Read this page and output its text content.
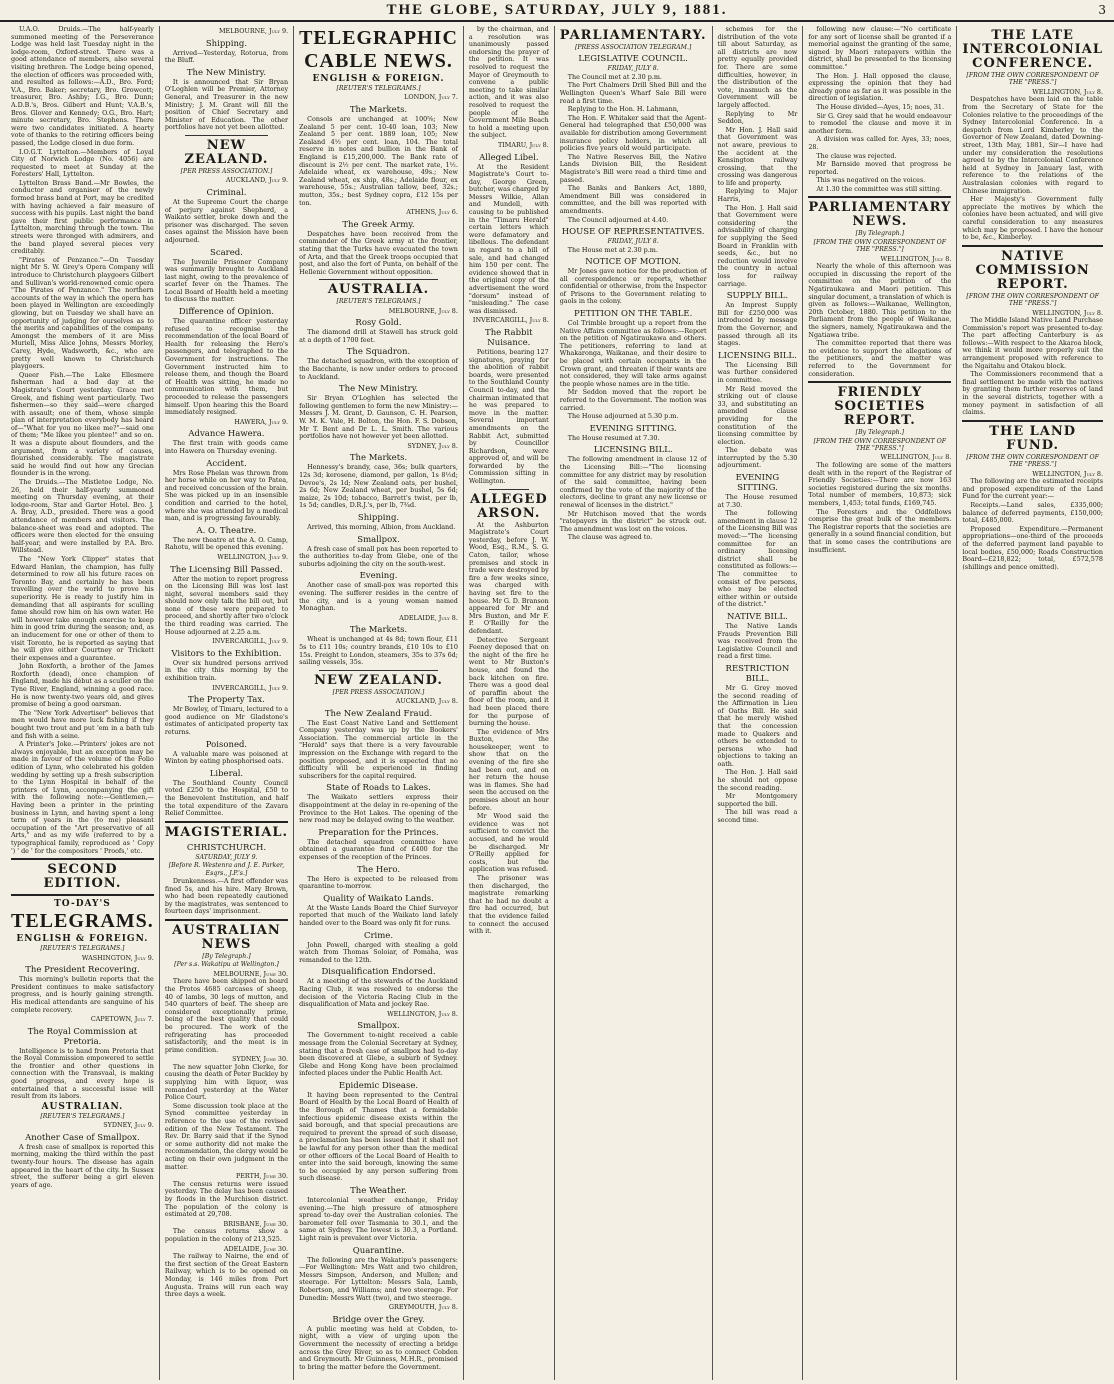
THE GLOBE, SATURDAY, JULY 9, 1881.	3

U.A.O. Druids.—The half-yearly summoned meeting of the Perseverance Lodge was held last Tuesday night in the lodge-room, Oxford-street. There was a good attendance of members, also several visiting brethren. The Lodge being opened, the election of officers was proceeded with, and resulted as follows:—A.D., Bro. Ford; V.A., Bro. Baker; secretary, Bro. Growcott; treasurer, Bro. Ashby; I.G., Bro. Dunn; A.D.B.'s, Bros. Gilbert and Hunt; V.A.B.'s, Bros. Glover and Kennedy; O.G., Bro. Hart; minute secretary, Bro. Stephens. There were two candidates initiated. A hearty vote of thanks to the retiring officers being passed, the Lodge closed in due form.

I.O.G.T. Lyttelton.—Members of Loyal City of Norwich Lodge (No. 4056) are requested to meet at Sunday at the Foresters' Hall, Lyttelton.

Lyttelton Brass Band.—Mr Bowles, the conductor and organiser of the newly formed brass band at Port, may be credited with having achieved a fair measure of success with his pupils. Last night the band gave their first public performance in Lyttelton, marching through the town. The streets were thronged with admirers, and the band played several pieces very creditably.

"Pirates of Penzance."—On Tuesday night Mr S. W. Grey's Opera Company will introduce to Christchurch playgoers Gilbert and Sullivan's world-renowned comic opera "The Pirates of Penzance." The northern accounts of the way in which the opera has been played in Wellington are exceedingly glowing, but on Tuesday we shall have an opportunity of judging for ourselves as to the merits and capabilities of the company. Amongst the members of it are Miss Muriell, Miss Alice Johns, Messrs Morley, Carey, Hyde, Wadsworth, &c., who are pretty well known to Christchurch playgoers.

Queer Fish.—The Lake Ellesmere fisherman had a bad day at the Magistrate's Court yesterday. Grace met Greek, and fishing went particularly. Two fishermen—so they said—were charged with assault; one of them, whose simple plan of interpretation everybody has heard of—"What for you no likee me?"—said one of them; "Me likee you plentee!" and so on. It was a dispute about flounders, and the argument, from a variety of causes, flourished considerably. The magistrate said he would find out how any Grecian flounder is in the wrong.

The Druids.—The Mistletoe Lodge, No. 26, held their half-yearly summoned meeting on Thursday evening, at their lodge-room, Star and Garter Hotel. Bro. J. A. Bray, A.D., presided. There was a good attendance of members and visitors. The balance-sheet was read and adopted. The officers were then elected for the ensuing half-year, and were installed by P.A. Bro. Willstead.

The "New York Clipper" states that Edward Hanlan, the champion, has fully determined to row all his future races on Toronto Bay, and certainly he has been travelling over the world to prove his superiority. He is ready to justify him in demanding that all aspirants for sculling fame should row him on his own water. He will however take enough exercise to keep him in good trim during the season; and, as an inducement for one or other of them to visit Toronto, he is reported as saying that he will give either Courtney or Trickett their expenses and a guarantee.

John Roxforth, a brother of the James Roxforth (dead), once champion of England, made his début as a sculler on the Tyne River, England, winning a good race. He is now twenty-two years old, and gives promise of being a good oarsman.

The "New York Advertiser" believes that men would have more luck fishing if they bought two trout and put 'em in a bath tub and fish with a seine.

A Printer's Joke.—Printers' jokes are not always enjoyable, but an exception may be made in favour of the volume of the Folio edition of Lynn, who celebrated his golden wedding by setting up a fresh subscription to the Lynn Hospital in behalf of the printers of Lynn, accompanying the gift with the following note:—Gentlemen,—Having been a printer in the printing business in Lynn, and having spent a long term of years in the (to me) pleasant occupation of the "Art preservative of all Arts," and as my wife (referred to by a typographical family, reproduced as ' Copy ') ' de ' for the compositors ' Proofs,' etc.

SECOND EDITION.
TO-DAY'S
TELEGRAMS.
ENGLISH & FOREIGN.
[REUTER'S TELEGRAMS.]
WASHINGTON, July 9.
The President Recovering.

This morning's bulletin reports that the President continues to make satisfactory progress, and is hourly gaining strength. His medical attendants are sanguine of his complete recovery.

CAPETOWN, July 7.
The Royal Commission at Pretoria.

Intelligence is to hand from Pretoria that the Royal Commission empowered to settle the frontier and other questions in connection with the Transvaal, is making good progress, and every hope is entertained that a successful issue will result from its labors.

AUSTRALIAN.
[REUTER'S TELEGRAMS.]
SYDNEY, July 9.
Another Case of Smallpox.

A fresh case of smallpox is reported this morning, making the third within the past twenty-four hours. The disease has again appeared in the heart of the city. In Sussex street, the sufferer being a girl eleven years of age.

MELBOURNE, July 9.
Shipping.

Arrived—Yesterday, Rotorua, from the Bluff.

The New Ministry.

It is announced that Sir Bryan O'Loghlen will be Premier, Attorney General, and Treasurer in the new Ministry; J. M. Grant will fill the position of Chief Secretary and Minister of Education. The other portfolios have not yet been allotted.

NEW ZEALAND.
[PER PRESS ASSOCIATION.]
AUCKLAND, July 9.
Criminal.

At the Supreme Court the charge of perjury against Shepherd, a Waikato settler, broke down and the prisoner was discharged. The seven cases against the Mission have been adjourned.

Scared.

The Juvenile Prisoner Company was summarily brought to Auckland last night, owing to the prevalence of scarlet fever on the Thames. The Local Board of Health held a meeting to discuss the matter.

Difference of Opinion.

The quarantine officer yesterday refused to recognise the recommendation of the local Board of Health for releasing the Hero's passengers, and telegraphed to the Government for instructions. The Government instructed him to release them, and though the Board of Health was sitting, he made no communication with them, but proceeded to release the passengers himself. Upon hearing this the Board immediately resigned.

HAWERA, July 9.
Advance Hawera.

The first train with goods came into Hawera on Thursday evening.

Accident.

Mrs Rose Phelan was thrown from her horse while on her way to Patea, and received concussion of the brain. She was picked up in an insensible condition and carried to the hotel, where she was attended by a medical man, and is progressing favourably.

A. O. Theatre.

The new theatre at the A. O. Camp, Rahotu, will be opened this evening.

WELLINGTON, July 9.
The Licensing Bill Passed.

After the motion to report progress on the Licensing Bill was lost last night, several members said they should now only talk the bill out, but none of these were prepared to proceed, and shortly after two o'clock the third reading was carried. The House adjourned at 2.25 a.m.

INVERCARGILL, July 9.
Visitors to the Exhibition.

Over six hundred persons arrived in the city this morning by the exhibition train.

INVERCARGILL, July 9.
The Property Tax.

Mr Bowley, of Timaru, lectured to a good audience on Mr Gladstone's estimates of anticipated property tax returns.

Poisoned.

A valuable mare was poisoned at Winton by eating phosphorised oats.

Liberal.

The Southland County Council voted £250 to the Hospital, £50 to the Benevolent Institution, and half the total expenditure of the Zavara Relief Committee.

MAGISTERIAL.
CHRISTCHURCH.
SATURDAY, JULY 9.
[Before R. Westenra and J. E. Parker, Esqrs., J.P.'s.]

Drunkenness.—A first offender was fined 5s, and his hire. Mary Brown, who had been repeatedly cautioned by the magistrates, was sentenced to fourteen days' imprisonment.

AUSTRALIAN NEWS
[By Telegraph.]
[Per s.s. Wakatipu at Wellington.]
MELBOURNE, June 30.

There have been shipped on board the Protos 4685 carcases of sheep, 40 of lambs, 30 legs of mutton, and 540 quarters of beef. The sheep are considered exceptionally prime, being of the best quality that could be procured. The work of the refrigerating has proceeded satisfactorily, and the meat is in prime condition.

SYDNEY, June 30.

The new squatter John Clerke, for causing the death of Peter Buckley by supplying him with liquor, was remanded yesterday at the Water Police Court.

Some discussion took place at the Synod committee yesterday in reference to the use of the revised edition of the New Testament. The Rev. Dr. Barry said that if the Synod or some authority did not make the recommendation, the clergy would be acting on their own judgment in the matter.

PERTH, June 30.

The census returns were issued yesterday. The delay has been caused by floods in the Murchison district. The population of the colony is estimated at 29,708.

BRISBANE, June 30.

The census returns show a population in the colony of 213,525.

ADELAIDE, June 30.

The railway to Nairne, the end of the first section of the Great Eastern Railway, which is to be opened on Monday, is 146 miles from Port Augusta. Trains will run each way three days a week.

TELEGRAPHIC
CABLE NEWS.
ENGLISH & FOREIGN.
[REUTER'S TELEGRAMS.]
LONDON, July 7.
The Markets.

Consols are unchanged at 100⅝; New Zealand 5 per cent. 10-40 loan, 103; New Zealand 5 per cent. 1889 loan, 105; New Zealand 4½ per cent. loan, 104. The total reserve in notes and bullion in the Bank of England is £15,200,000. The Bank rate of discount is 2½ per cent. The market rate, 1½. Adelaide wheat, ex warehouse, 49s.; New Zealand wheat, ex ship, 48s.; Adelaide flour, ex warehouse, 55s.; Australian tallow, beef, 32s.; mutton, 35s.; best Sydney copra, £12 15s per ton.

ATHENS, July 6.
The Greek Army.

Despatches have been received from the commander of the Greek army at the frontier, stating that the Turks have evacuated the town of Arta, and that the Greek troops occupied that post, and also the fort of Punta, on behalf of the Hellenic Government without opposition.

AUSTRALIA.
[REUTER'S TELEGRAMS.]
MELBOURNE, July 8.
Rosy Gold.

The diamond drill at Stawell has struck gold at a depth of 1700 feet.

The Squadron.

The detached squadron, with the exception of the Bacchante, is now under orders to proceed to Auckland.

The New Ministry.

Sir Bryan O'Loghlen has selected the following gentlemen to form the new Ministry:—Messrs J. M. Grant, D. Gaunson, C. H. Pearson, W. M. K. Vale, H. Bolton, the Hon. F. S. Dobson, Mr T. Bent and Dr L. L. Smith. The various portfolios have not however yet been allotted.

SYDNEY, July 8.
The Markets.

Hennessy's brandy, case, 36s; bulk quarters, 12s 3d; kerosene, diamond, per gallon, 1s 8½d; Devoe's, 2s 1d; New Zealand oats, per bushel, 2s 6d; New Zealand wheat, per bushel, 5s 6d; maize, 2s 10d; tobacco, Barrett's twist, per lb, 1s 5d; candles, D.R.J.'s, per lb, 7¾d.

Shipping.

Arrived, this morning, Albion, from Auckland.

Smallpox.

A fresh case of small pox has been reported to the authorities to-day from Glebe, one of the suburbs adjoining the city on the south-west.

Evening.

Another case of small-pox was reported this evening. The sufferer resides in the centre of the city, and is a young woman named Monaghan.

ADELAIDE, July 8.
The Markets.

Wheat is unchanged at 4s 8d; town flour, £11 5s to £11 10s; country brands, £10 10s to £10 15s. Freight to London, steamers, 35s to 37s 6d; sailing vessels, 35s.

NEW ZEALAND.
[PER PRESS ASSOCIATION.]
AUCKLAND, July 8.
The New Zealand Fraud.

The East Coast Native Land and Settlement Company yesterday was up by the Bookers' Association. The commercial article in the "Herald" says that there is a very favourable impression on the Exchange with regard to the position proposed, and it is expected that no difficulty will be experienced in finding subscribers for the capital required.

State of Roads to Lakes.

The Waikato settlers express their disappointment at the delay in re-opening of the Province to the Hot Lakes. The opening of the new road may be delayed owing to the weather.

Preparation for the Princes.

The detached squadron committee have obtained a guarantee fund of £400 for the expenses of the reception of the Princes.

The Hero.

The Hero is expected to be released from quarantine to-morrow.

Quality of Waikato Lands.

At the Waste Lands Board the Chief Surveyor reported that much of the Waikato land lately handed over to the Board was only fit for runs.

Crime.

John Powell, charged with stealing a gold watch from Thomas Soloiar, of Pomaha, was remanded to the 12th.

Disqualification Endorsed.

At a meeting of the stewards of the Auckland Racing Club, it was resolved to endorse the decision of the Victoria Racing Club in the disqualification of Mata and jockey Rae.

WELLINGTON, July 8.
Smallpox.

The Government to-night received a cable message from the Colonial Secretary at Sydney, stating that a fresh case of smallpox had to-day been discovered at Glebe, a suburb of Sydney. Glebe and Hong Kong have been proclaimed infected places under the Public Health Act.

Epidemic Disease.

It having been represented to the Central Board of Health by the Local Board of Health of the Borough of Thames that a formidable infectious epidemic disease exists within the said borough, and that special precautions are required to prevent the spread of such disease, a proclamation has been issued that it shall not be lawful for any person other than the medical or other officers of the Local Board of Health to enter into the said borough, knowing the same to be occupied by any person suffering from such disease.

The Weather.

Intercolonial weather exchange, Friday evening.—The high pressure of atmosphere spread to-day over the Australian colonies. The barometer fell over Tasmania to 30.1, and the same at Sydney. The lowest is 30.3, a Portland. Light rain is prevalent over Victoria.

Quarantine.

The following are the Wakatipu's passengers:—For Wellington: Mrs Watt and two children, Messrs Simpson, Anderson, and Mullen; and steerage. For Lyttelton: Messrs Sala, Lamb, Robertson, and Williams; and two steerage. For Dunedin: Messrs Watt (two), and two steerage.

GREYMOUTH, July 8.
Bridge over the Grey.

A public meeting was held at Cobden, to-night, with a view of urging upon the Government the necessity of erecting a bridge across the Grey River, so as to connect Cobden and Greymouth. Mr Guinness, M.H.R., promised to bring the matter before the Government.

by the chairman, and a resolution was unanimously passed endorsing the prayer of the petition. It was resolved to request the Mayor of Greymouth to convene a public meeting to take similar action, and it was also resolved to request the people of the Government Mile Beach to hold a meeting upon the subject.

TIMARU, July 8.
Alleged Libel.

At the Resident Magistrate's Court to-day, George Green, butcher, was charged by Messrs Wilkie, Allan and Mundell, with causing to be published in the "Timaru Herald" certain letters which were defamatory and libellous. The defendant in regard to a bill of sale, and had changed him 150 per cent. The evidence showed that in the original copy of the advertisement the word "dorsum" instead of "misleading." The case was dismissed.

INVERCARGILL, July 8.
The Rabbit Nuisance.

Petitions, bearing 127 signatures, praying for the abolition of rabbit boards, were presented to the Southland County Council to-day, and the chairman intimated that he was prepared to move in the matter. Several important amendments on the Rabbit Act, submitted by Councillor Richardson, were approved of, and will be forwarded by the Commission sitting in Wellington.

ALLEGED ARSON.

At the Ashburton Magistrate's Court yesterday, before J. W. Wood, Esq., R.M., S. G. Caton, tailor, whose premises and stock in trade were destroyed by fire a few weeks since, was charged with having set fire to the house. Mr G. D. Branson appeared for Mr and Mrs Buxton, and Mr F. P. O'Reilly for the defendant.

Detective Sergeant Feeney deposed that on the night of the fire he went to Mr Buxton's house, and found the back kitchen on fire. There was a good deal of paraffin about the floor of the room, and it had been placed there for the purpose of burning the house.

The evidence of Mrs Buxton, the housekeeper, went to show that on the evening of the fire she had been out, and on her return the house was in flames. She had seen the accused on the premises about an hour before.

Mr Wood said the evidence was not sufficient to convict the accused, and he would be discharged. Mr O'Reilly applied for costs, but the application was refused.

The prisoner was then discharged, the magistrate remarking that he had no doubt a fire had occurred, but that the evidence failed to connect the accused with it.

PARLIAMENTARY.
[PRESS ASSOCIATION TELEGRAM.]
LEGISLATIVE COUNCIL.
FRIDAY, JULY 8.

The Council met at 2.30 p.m.

The Port Chalmers Drill Shed Bill and the Wellington Queen's Wharf Sale Bill were read a first time.

Replying to the Hon. H. Lahmann,

The Hon. F. Whitaker said that the Agent-General had telegraphed that £50,000 was available for distribution among Government insurance policy holders, in which all policies five years old would participate.

The Native Reserves Bill, the Native Lands Division Bill, the Resident Magistrate's Bill were read a third time and passed.

The Banks and Bankers Act, 1880, Amendment Bill was considered in committee, and the bill was reported with amendments.

The Council adjourned at 4.40.

HOUSE OF REPRESENTATIVES.
FRIDAY, JULY 8.

The House met at 2.30 p.m.

NOTICE OF MOTION.

Mr Jones gave notice for the production of all correspondence or reports, whether confidential or otherwise, from the Inspector of Prisons to the Government relating to gaols in the colony.

PETITION ON THE TABLE.

Col Trimble brought up a report from the Native Affairs committee as follows:—Report on the petition of Ngatiraukawa and others. The petitioners, referring to land at Whakaronga, Waikanae, and their desire to be placed with certain occupants in the Crown grant, and threaten if their wants are not considered, they will take arms against the people whose names are in the title.

Mr Seddon moved that the report be referred to the Government. The motion was carried.

The House adjourned at 5.30 p.m.

EVENING SITTING.

The House resumed at 7.30.

LICENSING BILL.

The following amendment in clause 12 of the Licensing Bill:—"The licensing committee for any district may by resolution of the said committee, having been confirmed by the vote of the majority of the electors, decline to grant any new license or renewal of licenses in the district."

Mr Hutchison moved that the words "ratepayers in the district" be struck out. The amendment was lost on the voices.

The clause was agreed to.

schemes for the distribution of the vote till about Saturday, as all districts are now pretty equally provided for. There are some difficulties, however, in the distribution of the vote, inasmuch as the Government will be largely affected.

Replying to Mr Seddon,

Mr Hon. J. Hall said that Government was not aware, previous to the accident at the Kensington railway crossing, that the crossing was dangerous to life and property.

Replying to Major Harris,

The Hon. J. Hall said that Government were considering the advisability of charging for supplying the Seed Board in Franklin with seeds, &c., but no reduction would involve the country in actual loss for railway carriage.

SUPPLY BILL.

An Imprest Supply Bill for £250,000 was introduced by message from the Governor, and passed through all its stages.

LICENSING BILL.

The Licensing Bill was further considered in committee.

Mr Reid moved the striking out of clause 33, and substituting an amended clause providing for the constitution of the licensing committee by election.

The debate was interrupted by the 5.30 adjournment.

EVENING SITTING.

The House resumed at 7.30.

The following amendment in clause 12 of the Licensing Bill was moved:—"The licensing committee for an ordinary licensing district shall be constituted as follows:—The committee to consist of five persons, who may be elected either within or outside of the district."

NATIVE BILL.

The Native Lands Frauds Prevention Bill was received from the Legislative Council and read a first time.

RESTRICTION BILL.

Mr G. Grey moved the second reading of the Affirmation in Lieu of Oaths Bill. He said that he merely wished that the concession made to Quakers and others be extended to persons who had objections to taking an oath.

The Hon. J. Hall said he should not oppose the second reading.

Mr Montgomery supported the bill.

The bill was read a second time.

following new clause:—"No certificate for any sort of license shall be granted if a memorial against the granting of the same, signed by Maori ratepayers within the district, shall be presented to the licensing committee."

The Hon. J. Hall opposed the clause, expressing the opinion that they had already gone as far as it was possible in the direction of legislation.

The House divided—Ayes, 15; noes, 31.

Sir G. Grey said that he would endeavour to remodel the clause and move it in another form.

A division was called for. Ayes, 33; noes, 28.

The clause was rejected.

Mr Barnside moved that progress be reported.

This was negatived on the voices.

At 1.30 the committee was still sitting.

PARLIAMENTARY NEWS.
[By Telegraph.]
[FROM THE OWN CORRESPONDENT OF THE "PRESS."]
WELLINGTON, July 8.

Nearly the whole of this afternoon was occupied in discussing the report of the committee on the petition of the Ngatiraukawa and Maori petition. This singular document, a translation of which is given as follows:—Waikanae, Wellington, 20th October, 1880. This petition to the Parliament from the people of Waikanae, the signers, namely, Ngatiraukawa and the Ngatiawa tribe.

The committee reported that there was no evidence to support the allegations of the petitioners, and the matter was referred to the Government for consideration.

FRIENDLY SOCIETIES REPORT.
[By Telegraph.]
[FROM THE OWN CORRESPONDENT OF THE "PRESS."]
WELLINGTON, July 8.

The following are some of the matters dealt with in the report of the Registrar of Friendly Societies:—There are now 163 societies registered during the six months. Total number of members, 10,873; sick members, 1,453; total funds, £169,745.

The Foresters and the Oddfellows comprise the great bulk of the members. The Registrar reports that the societies are generally in a sound financial condition, but that in some cases the contributions are insufficient.

THE LATE INTERCOLONIAL CONFERENCE.
[FROM THE OWN CORRESPONDENT OF THE "PRESS."]
WELLINGTON, July 8.

Despatches have been laid on the table from the Secretary of State for the Colonies relative to the proceedings of the Sydney Intercolonial Conference. In a despatch from Lord Kimberley to the Governor of New Zealand, dated Downing-street, 13th May, 1881, Sir—I have had under my consideration the resolutions agreed to by the Intercolonial Conference held at Sydney in January last, with reference to the relations of the Australasian colonies with regard to Chinese immigration.

Her Majesty's Government fully appreciate the motives by which the colonies have been actuated, and will give careful consideration to any measures which may be proposed. I have the honour to be, &c., Kimberley.

NATIVE COMMISSION REPORT.
[FROM THE OWN CORRESPONDENT OF THE "PRESS."]
WELLINGTON, July 8.

The Middle Island Native Land Purchase Commission's report was presented to-day. The part affecting Canterbury is as follows:—With respect to the Akaroa block, we think it would more properly suit the arrangement proposed with reference to the Ngaitahu and Otakou block.

The Commissioners recommend that a final settlement be made with the natives by granting them further reserves of land in the several districts, together with a money payment in satisfaction of all claims.

THE LAND FUND.
[FROM THE OWN CORRESPONDENT OF THE "PRESS."]
WELLINGTON, July 8.

The following are the estimated receipts and proposed expenditure of the Land Fund for the current year:—

Receipts.—Land sales, £335,000; balance of deferred payments, £150,000; total, £485,000.

Proposed Expenditure.—Permanent appropriations—one-third of the proceeds of the deferred payment land payable to local bodies, £50,000; Roads Construction Board—£218,822; total, £572,578 (shillings and pence omitted).
